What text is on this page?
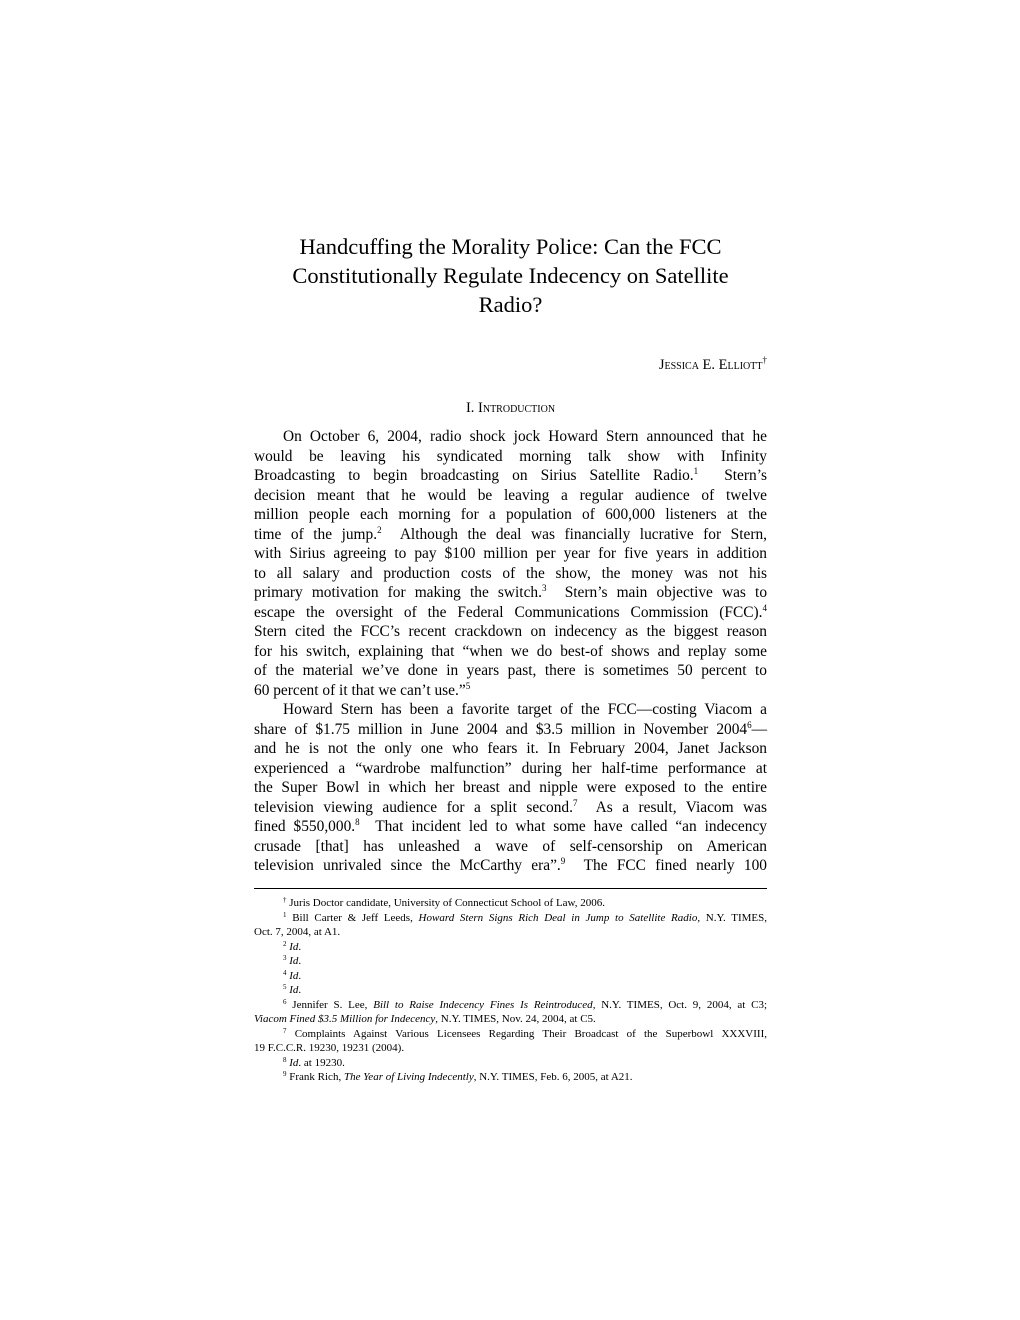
Handcuffing the Morality Police: Can the FCC
Constitutionally Regulate Indecency on Satellite
Radio?
Jessica E. Elliott†
I. Introduction
On October 6, 2004, radio shock jock Howard Stern announced that he
would be leaving his syndicated morning talk show with Infinity
Broadcasting to begin broadcasting on Sirius Satellite Radio.$^1$ Stern’s
decision meant that he would be leaving a regular audience of twelve
million people each morning for a population of 600,000 listeners at the
time of the jump.$^2$ Although the deal was financially lucrative for Stern,
with Sirius agreeing to pay $100 million per year for five years in addition
to all salary and production costs of the show, the money was not his
primary motivation for making the switch.$^3$ Stern’s main objective was to
escape the oversight of the Federal Communications Commission (FCC).$^4$
Stern cited the FCC’s recent crackdown on indecency as the biggest reason
for his switch, explaining that “when we do best-of shows and replay some
of the material we’ve done in years past, there is sometimes 50 percent to
60 percent of it that we can’t use.”$^5$
Howard Stern has been a favorite target of the FCC—costing Viacom a
share of $1.75 million in June 2004 and $3.5 million in November 2004$^6$—
and he is not the only one who fears it. In February 2004, Janet Jackson
experienced a “wardrobe malfunction” during her half-time performance at
the Super Bowl in which her breast and nipple were exposed to the entire
television viewing audience for a split second.$^7$ As a result, Viacom was
fined $550,000.$^8$ That incident led to what some have called “an indecency
crusade [that] has unleashed a wave of self-censorship on American
television unrivaled since the McCarthy era”.$^9$ The FCC fined nearly 100
† Juris Doctor candidate, University of Connecticut School of Law, 2006.
$^1$ Bill Carter & Jeff Leeds, Howard Stern Signs Rich Deal in Jump to Satellite Radio, N.Y. TIMES,
Oct. 7, 2004, at A1.
$^2$ Id.
$^3$ Id.
$^4$ Id.
$^5$ Id.
$^6$ Jennifer S. Lee, Bill to Raise Indecency Fines Is Reintroduced, N.Y. TIMES, Oct. 9, 2004, at C3;
Viacom Fined $3.5 Million for Indecency, N.Y. TIMES, Nov. 24, 2004, at C5.
$^7$ Complaints Against Various Licensees Regarding Their Broadcast of the Superbowl XXXVIII,
19 F.C.C.R. 19230, 19231 (2004).
$^8$ Id. at 19230.
$^9$ Frank Rich, The Year of Living Indecently, N.Y. TIMES, Feb. 6, 2005, at A21.
